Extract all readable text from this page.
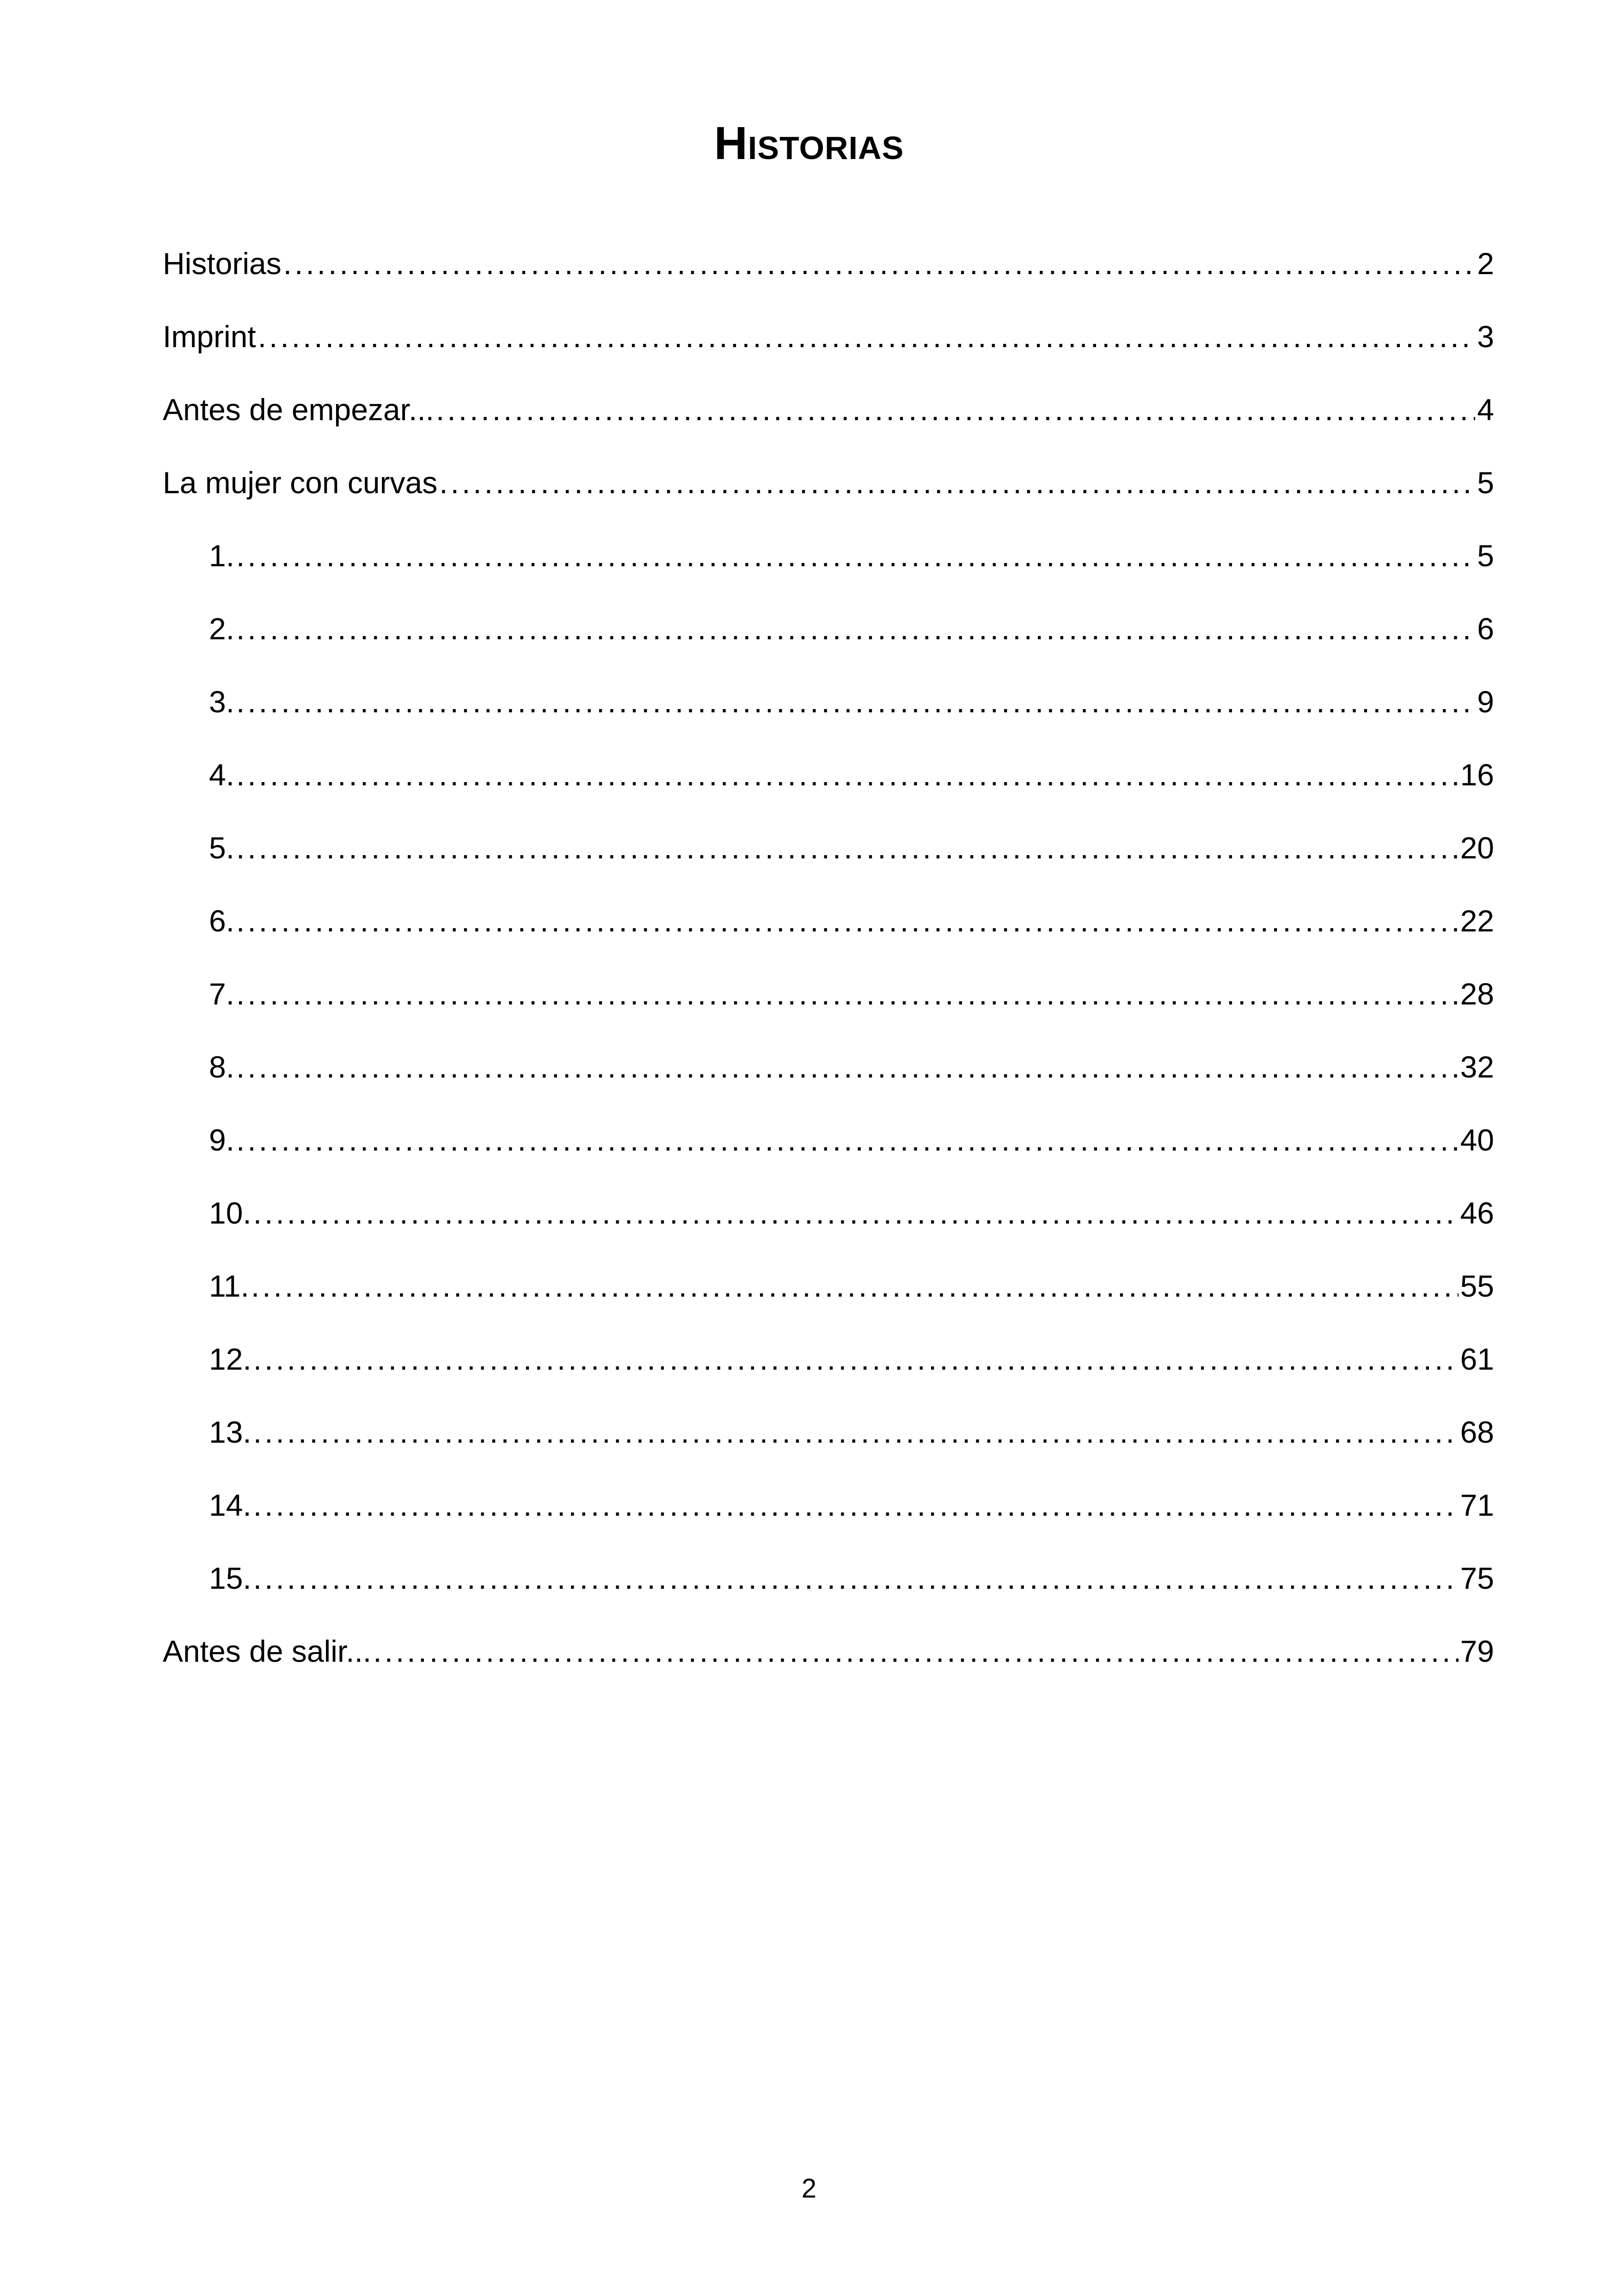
Historias
Historias .....	2
Imprint .....	3
Antes de empezar... .....	4
La mujer con curvas .....	5
1. .....	5
2. .....	6
3. .....	9
4. .....	16
5. .....	20
6. .....	22
7. .....	28
8. .....	32
9. .....	40
10. .....	46
11. .....	55
12. .....	61
13. .....	68
14. .....	71
15. .....	75
Antes de salir... .....	79
2
